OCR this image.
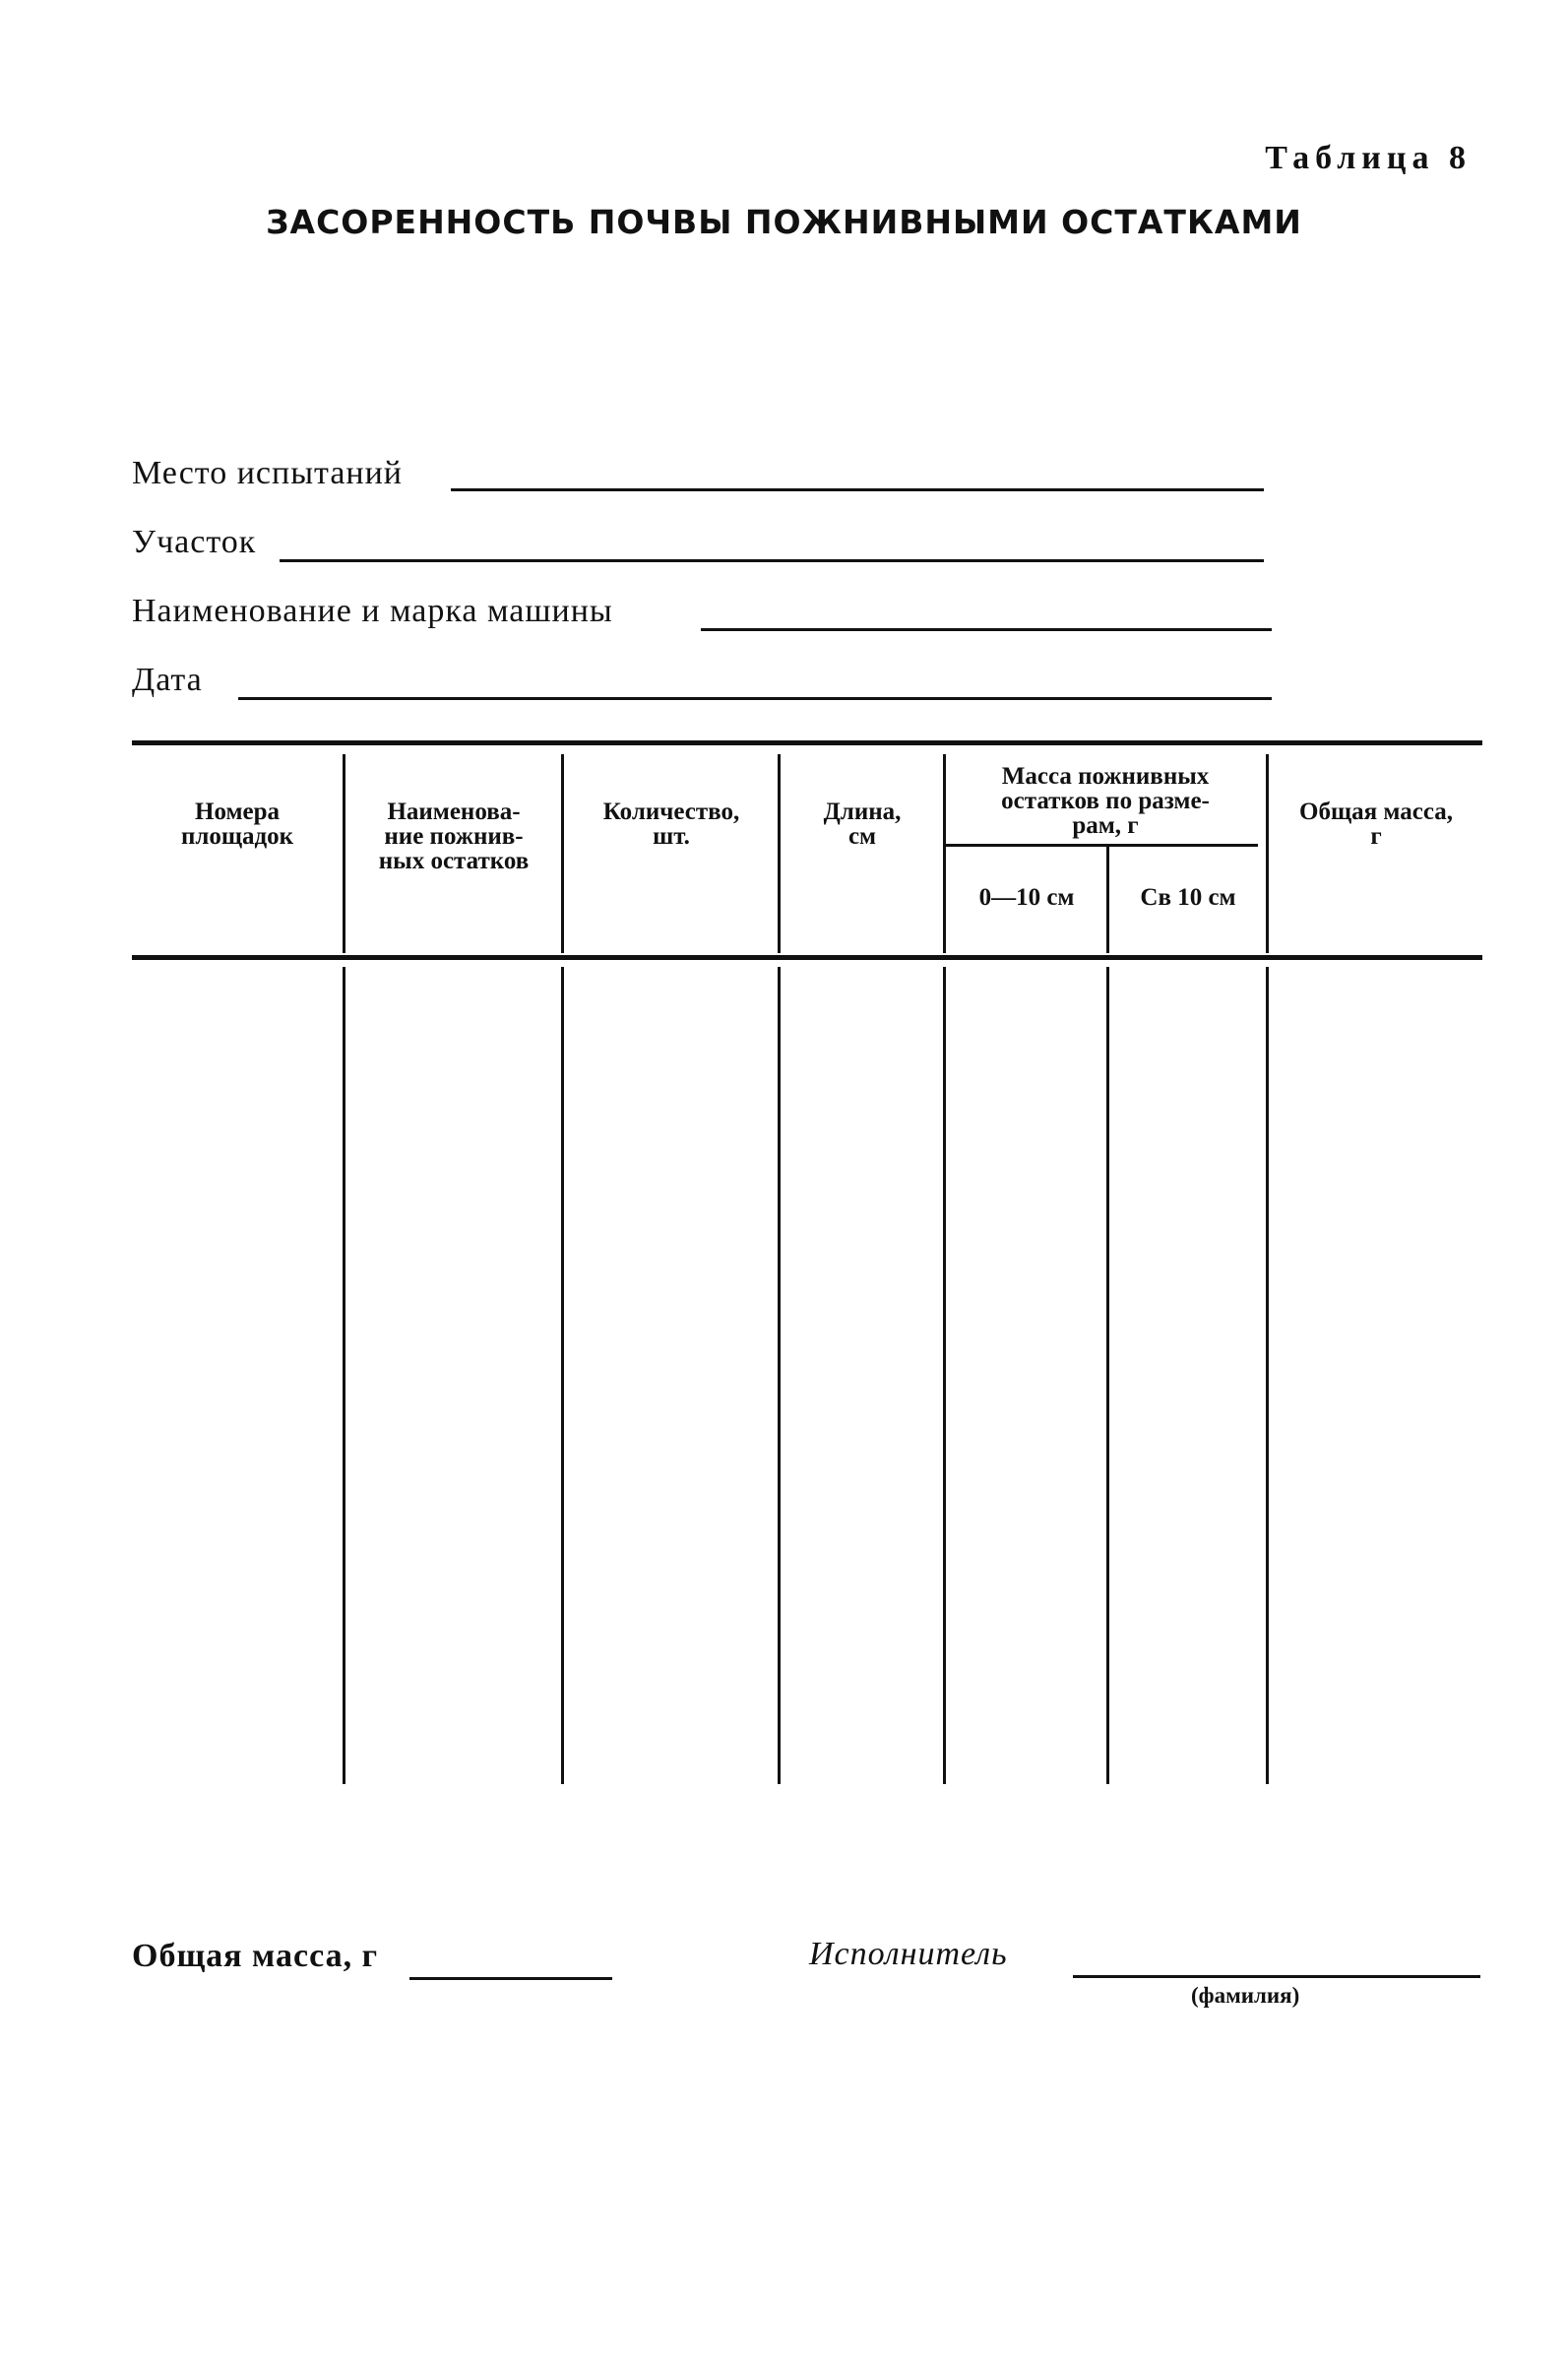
Таблица 8
ЗАСОРЕННОСТЬ ПОЧВЫ ПОЖНИВНЫМИ ОСТАТКАМИ
Место испытаний
Участок
Наименование и марка машины
Дата
Номера
площадок
Наименова-
ние пожнив-
ных остатков
Количество,
шт.
Длина,
см
Масса пожнивных
остатков по разме-
рам, г
0—10 см	Св 10 см
Общая масса,
г
Общая масса, г	Исполнитель
(фамилия)
